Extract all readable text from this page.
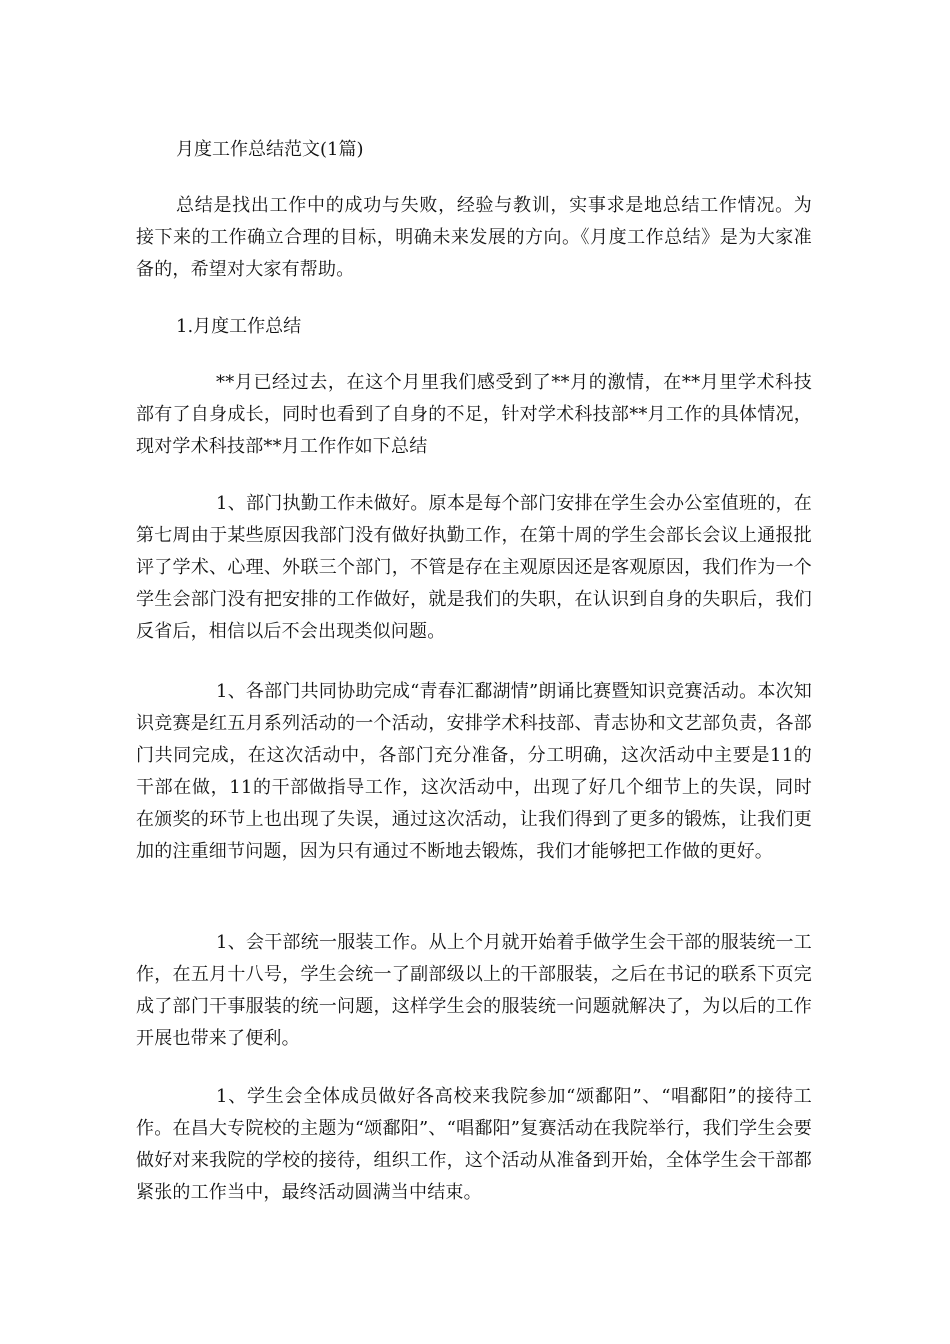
月度工作总结范文(1篇)

总结是找出工作中的成功与失败，经验与教训，实事求是地总结工作情况。为接下来的工作确立合理的目标，明确未来发展的方向。《月度工作总结》是为大家准备的，希望对大家有帮助。

1.月度工作总结

**月已经过去，在这个月里我们感受到了**月的激情，在**月里学术科技部有了自身成长，同时也看到了自身的不足，针对学术科技部**月工作的具体情况，现对学术科技部**月工作作如下总结

1、部门执勤工作未做好。原本是每个部门安排在学生会办公室值班的，在第七周由于某些原因我部门没有做好执勤工作，在第十周的学生会部长会议上通报批评了学术、心理、外联三个部门，不管是存在主观原因还是客观原因，我们作为一个学生会部门没有把安排的工作做好，就是我们的失职，在认识到自身的失职后，我们反省后，相信以后不会出现类似问题。

1、各部门共同协助完成“青春汇鄱湖情”朗诵比赛暨知识竞赛活动。本次知识竞赛是红五月系列活动的一个活动，安排学术科技部、青志协和文艺部负责，各部门共同完成，在这次活动中，各部门充分准备，分工明确，这次活动中主要是11的干部在做，11的干部做指导工作，这次活动中，出现了好几个细节上的失误，同时在颁奖的环节上也出现了失误，通过这次活动，让我们得到了更多的锻炼，让我们更加的注重细节问题，因为只有通过不断地去锻炼，我们才能够把工作做的更好。

1、会干部统一服装工作。从上个月就开始着手做学生会干部的服装统一工作，在五月十八号，学生会统一了副部级以上的干部服装，之后在书记的联系下页完成了部门干事服装的统一问题，这样学生会的服装统一问题就解决了，为以后的工作开展也带来了便利。

1、学生会全体成员做好各高校来我院参加“颂鄱阳”、“唱鄱阳”的接待工作。在昌大专院校的主题为“颂鄱阳”、“唱鄱阳”复赛活动在我院举行，我们学生会要做好对来我院的学校的接待，组织工作，这个活动从准备到开始，全体学生会干部都紧张的工作当中，最终活动圆满当中结束。
